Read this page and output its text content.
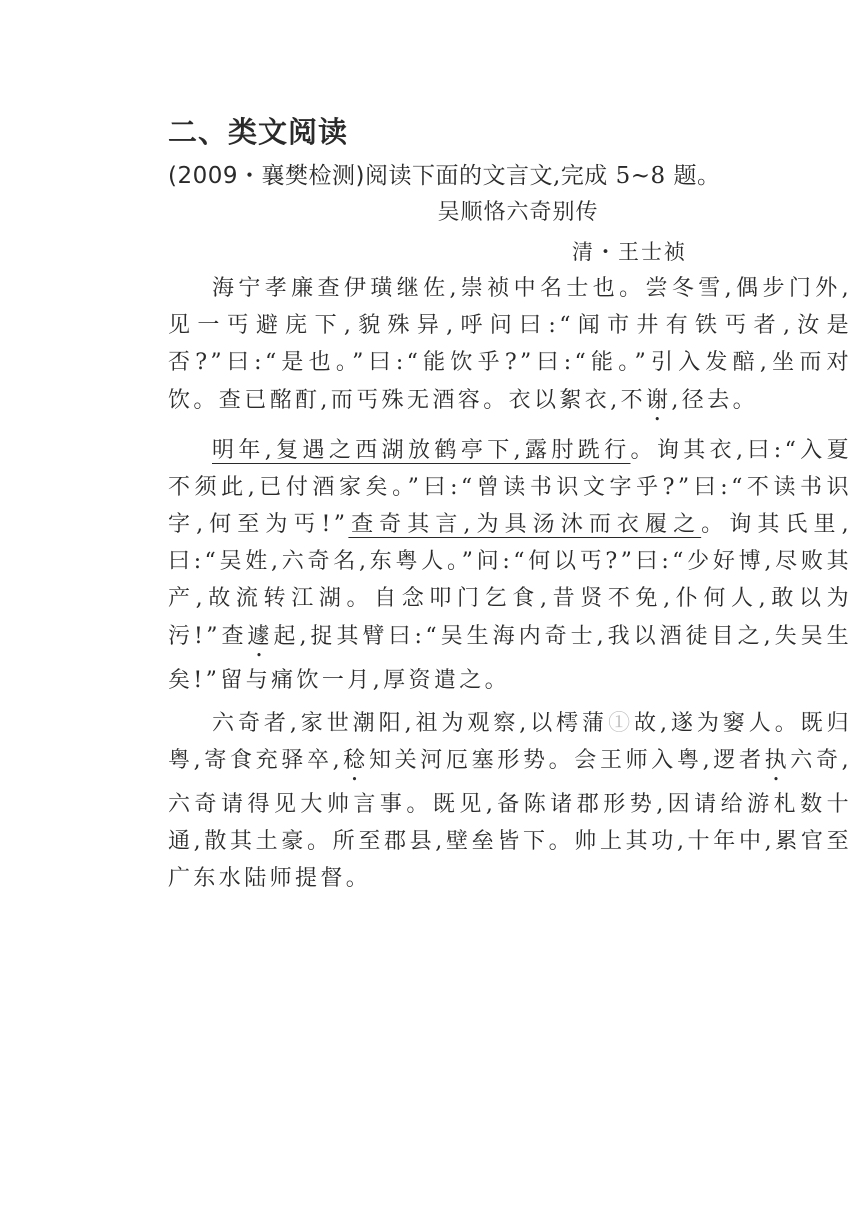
二、类文阅读
(2009・襄樊检测)阅读下面的文言文,完成 5~8 题。
吴顺恪六奇别传
清・王士祯

海宁孝廉查伊璜继佐,崇祯中名士也。尝冬雪,偶步门外,见一丐避庑下,貌殊异,呼问曰:“闻市井有铁丐者,汝是否?”曰:“是也。”曰:“能饮乎?”曰:“能。”引入发醅,坐而对饮。查已酩酊,而丐殊无酒容。衣以絮衣,不谢,径去。

明年,复遇之西湖放鹤亭下,露肘跣行。询其衣,曰:“入夏不须此,已付酒家矣。”曰:“曾读书识文字乎?”曰:“不读书识字,何至为丐!”查奇其言,为具汤沐而衣履之。询其氏里,曰:“吴姓,六奇名,东粤人。”问:“何以丐?”曰:“少好博,尽败其产,故流转江湖。自念叩门乞食,昔贤不免,仆何人,敢以为污!”查遽起,捉其臂曰:“吴生海内奇士,我以酒徒目之,失吴生矣!”留与痛饮一月,厚资遣之。

六奇者,家世潮阳,祖为观察,以樗蒲①故,遂为窭人。既归粤,寄食充驿卒,稔知关河厄塞形势。会王师入粤,逻者执六奇,六奇请得见大帅言事。既见,备陈诸郡形势,因请给游札数十通,散其土豪。所至郡县,壁垒皆下。帅上其功,十年中,累官至广东水陆师提督。
